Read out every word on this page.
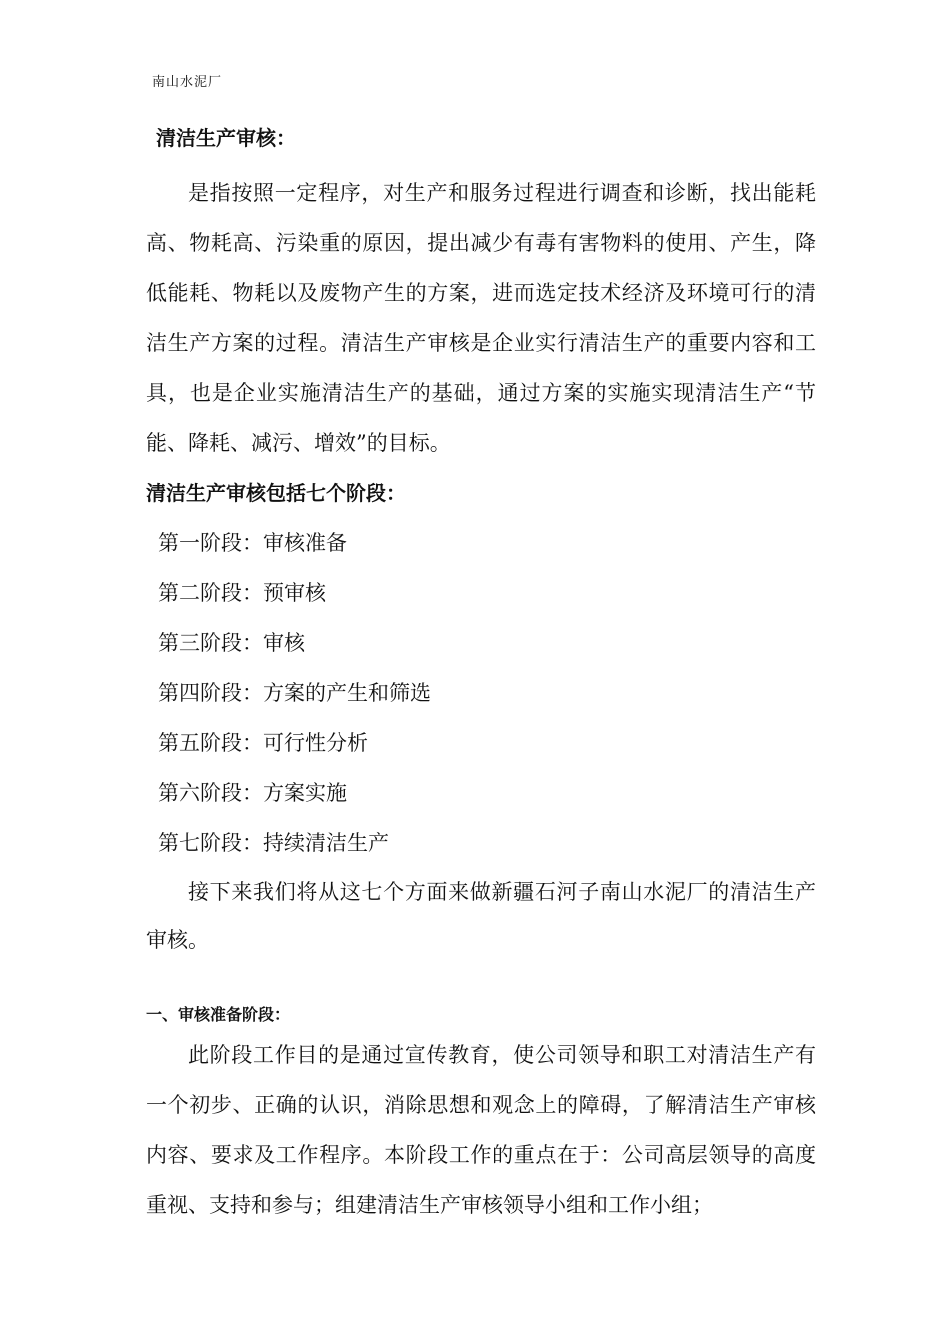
南山水泥厂
清洁生产审核：

是指按照一定程序，对生产和服务过程进行调查和诊断，找出能耗高、物耗高、污染重的原因，提出减少有毒有害物料的使用、产生，降低能耗、物耗以及废物产生的方案，进而选定技术经济及环境可行的清洁生产方案的过程。清洁生产审核是企业实行清洁生产的重要内容和工具，也是企业实施清洁生产的基础，通过方案的实施实现清洁生产“节能、降耗、减污、增效”的目标。

清洁生产审核包括七个阶段：
第一阶段：审核准备
第二阶段：预审核
第三阶段：审核
第四阶段：方案的产生和筛选
第五阶段：可行性分析
第六阶段：方案实施
第七阶段：持续清洁生产

接下来我们将从这七个方面来做新疆石河子南山水泥厂的清洁生产审核。

一、审核准备阶段：

此阶段工作目的是通过宣传教育，使公司领导和职工对清洁生产有一个初步、正确的认识，消除思想和观念上的障碍，了解清洁生产审核内容、要求及工作程序。本阶段工作的重点在于：公司高层领导的高度重视、支持和参与；组建清洁生产审核领导小组和工作小组；
